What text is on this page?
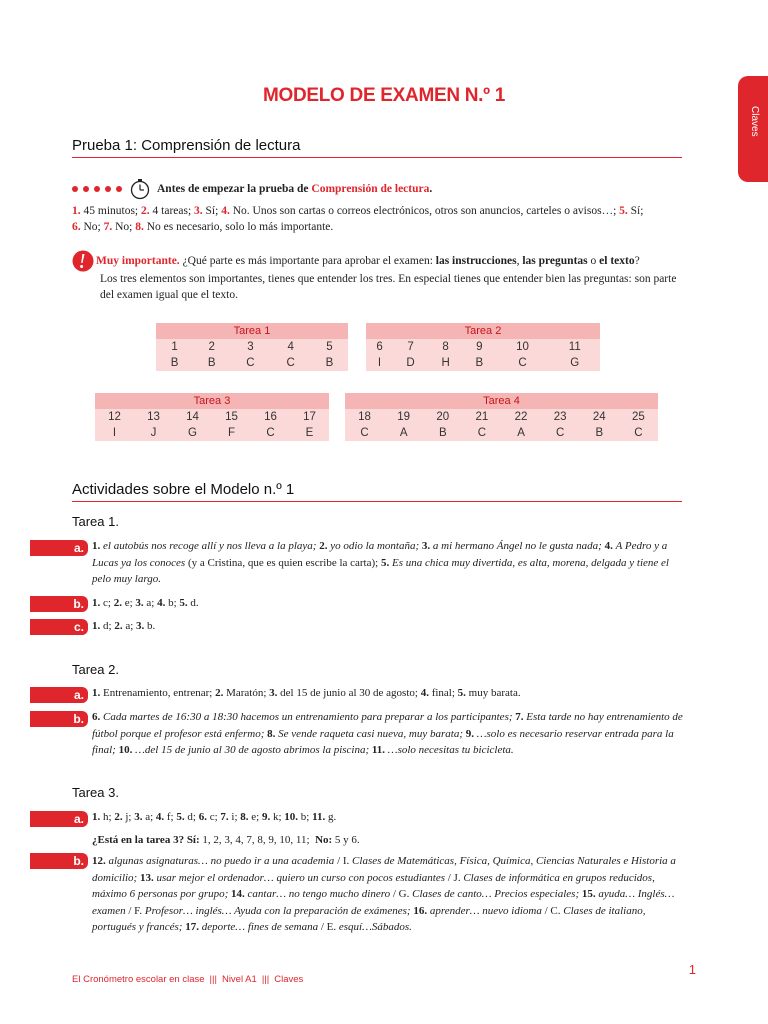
Claves
MODELO DE EXAMEN N.º 1
Prueba 1: Comprensión de lectura
Antes de empezar la prueba de Comprensión de lectura.
1. 45 minutos; 2. 4 tareas; 3. Sí; 4. No. Unos son cartas o correos electrónicos, otros son anuncios, carteles o avisos…; 5. Sí;
6. No; 7. No; 8. No es necesario, solo lo más importante.
Muy importante. ¿Qué parte es más importante para aprobar el examen: las instrucciones, las preguntas o el texto?
Los tres elementos son importantes, tienes que entender los tres. En especial tienes que entender bien las preguntas: son parte del examen igual que el texto.
Tarea 1				
1	2	3	4	5
B	B	C	C	B
Tarea 2					
6	7	8	9	10	11
I	D	H	B	C	G
Tarea 3					
12	13	14	15	16	17
I	J	G	F	C	E
Tarea 4							
18	19	20	21	22	23	24	25
C	A	B	C	A	C	B	C
Actividades sobre el Modelo n.º 1
Tarea 1.
a. 1. el autobús nos recoge allí y nos lleva a la playa; 2. yo odio la montaña; 3. a mi hermano Ángel no le gusta nada; 4. A Pedro y a Lucas ya los conoces (y a Cristina, que es quien escribe la carta); 5. Es una chica muy divertida, es alta, morena, delgada y tiene el pelo muy largo.
b. 1. c; 2. e; 3. a; 4. b; 5. d.
c. 1. d; 2. a; 3. b.
Tarea 2.
a. 1. Entrenamiento, entrenar; 2. Maratón; 3. del 15 de junio al 30 de agosto; 4. final; 5. muy barata.
b. 6. Cada martes de 16:30 a 18:30 hacemos un entrenamiento para preparar a los participantes; 7. Esta tarde no hay entrenamiento de fútbol porque el profesor está enfermo; 8. Se vende raqueta casi nueva, muy barata; 9. …solo es necesario reservar entrada para la final; 10. …del 15 de junio al 30 de agosto abrimos la piscina; 11. …solo necesitas tu bicicleta.
Tarea 3.
a. 1. h; 2. j; 3. a; 4. f; 5. d; 6. c; 7. i; 8. e; 9. k; 10. b; 11. g.
¿Está en la tarea 3? Sí: 1, 2, 3, 4, 7, 8, 9, 10, 11;  No: 5 y 6.
b. 12. algunas asignaturas… no puedo ir a una academia / I. Clases de Matemáticas, Física, Química, Ciencias Naturales e Historia a domicilio; 13. usar mejor el ordenador… quiero un curso con pocos estudiantes / J. Clases de informática en grupos reducidos, máximo 6 personas por grupo; 14. cantar… no tengo mucho dinero / G. Clases de canto… Precios especiales; 15. ayuda… Inglés… examen / F. Profesor… inglés… Ayuda con la preparación de exámenes; 16. aprender… nuevo idioma / C. Clases de italiano, portugués y francés; 17. deporte… fines de semana / E. esquí…Sábados.
El Cronómetro escolar en clase ||| Nivel A1 ||| Claves
1
